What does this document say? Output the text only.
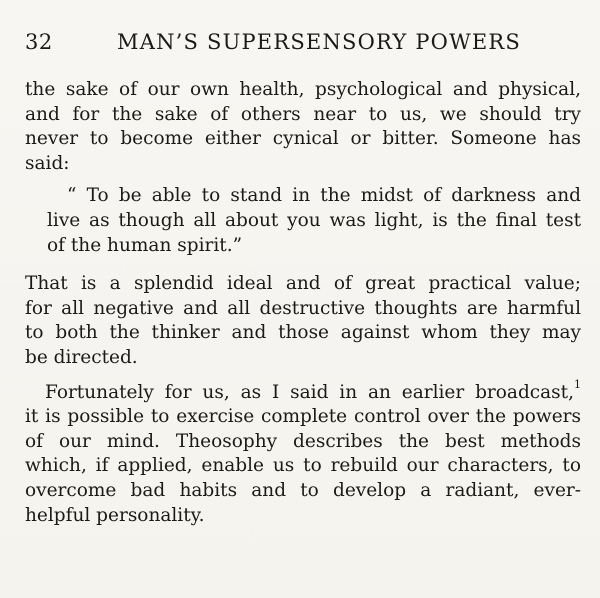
32	MAN’S SUPERSENSORY POWERS
the sake of our own health, psychological and physical,
and for the sake of others near to us, we should try
never to become either cynical or bitter. Someone has
said:
“ To be able to stand in the midst of darkness and
live as though all about you was light, is the final test
of the human spirit.”
That is a splendid ideal and of great practical value;
for all negative and all destructive thoughts are harmful
to both the thinker and those against whom they may
be directed.
Fortunately for us, as I said in an earlier broadcast,$^1$
it is possible to exercise complete control over the powers
of our mind. Theosophy describes the best methods
which, if applied, enable us to rebuild our characters, to
overcome bad habits and to develop a radiant, ever-
helpful personality.
